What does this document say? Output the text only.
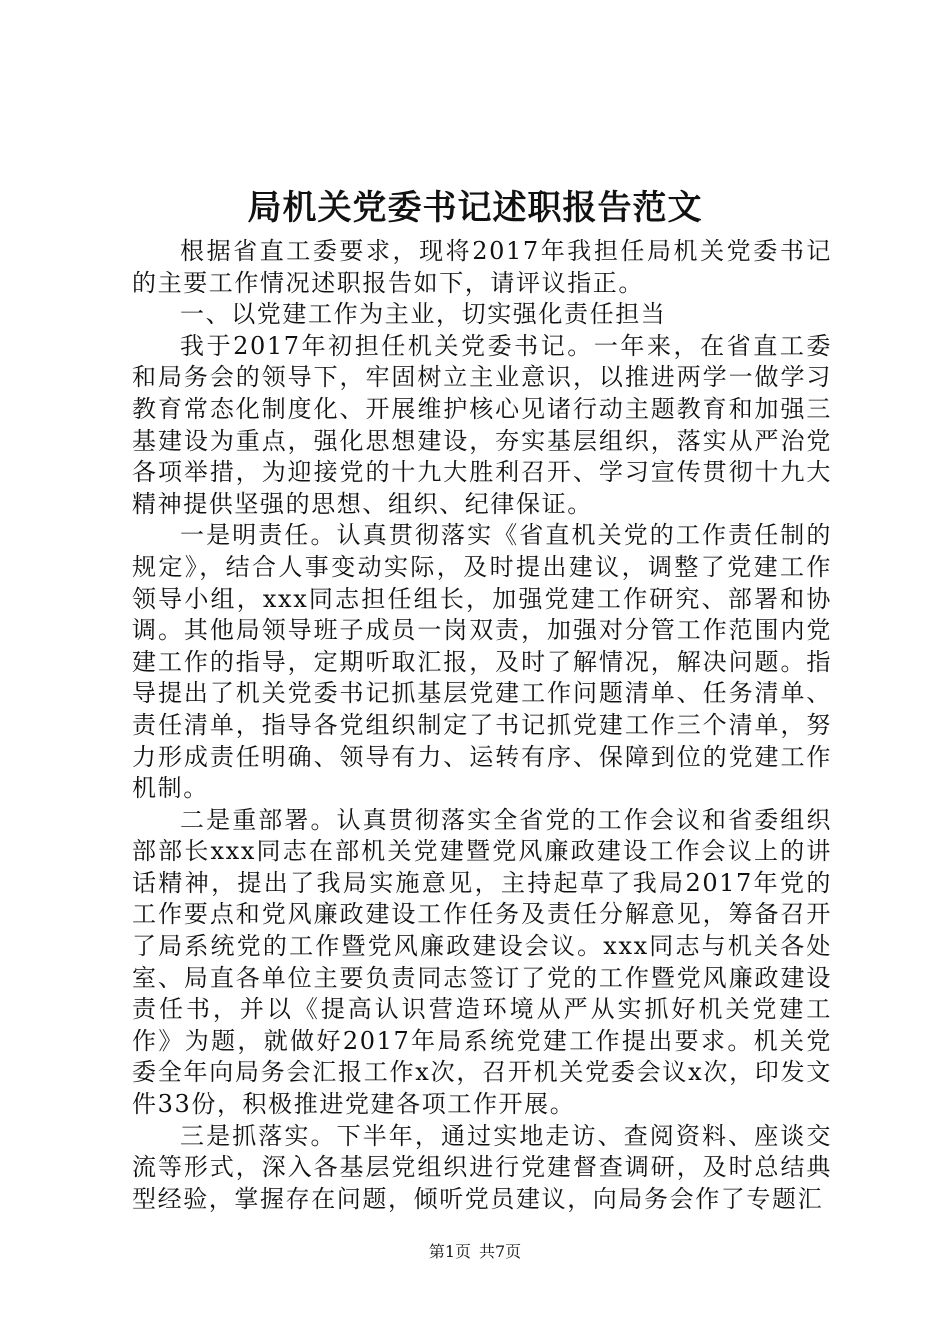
局机关党委书记述职报告范文

根据省直工委要求，现将2017年我担任局机关党委书记的主要工作情况述职报告如下，请评议指正。

一、以党建工作为主业，切实强化责任担当

我于2017年初担任机关党委书记。一年来，在省直工委和局务会的领导下，牢固树立主业意识，以推进两学一做学习教育常态化制度化、开展维护核心见诸行动主题教育和加强三基建设为重点，强化思想建设，夯实基层组织，落实从严治党各项举措，为迎接党的十九大胜利召开、学习宣传贯彻十九大精神提供坚强的思想、组织、纪律保证。

一是明责任。认真贯彻落实《省直机关党的工作责任制的规定》，结合人事变动实际，及时提出建议，调整了党建工作领导小组，xxx同志担任组长，加强党建工作研究、部署和协调。其他局领导班子成员一岗双责，加强对分管工作范围内党建工作的指导，定期听取汇报，及时了解情况，解决问题。指导提出了机关党委书记抓基层党建工作问题清单、任务清单、责任清单，指导各党组织制定了书记抓党建工作三个清单，努力形成责任明确、领导有力、运转有序、保障到位的党建工作机制。

二是重部署。认真贯彻落实全省党的工作会议和省委组织部部长xxx同志在部机关党建暨党风廉政建设工作会议上的讲话精神，提出了我局实施意见，主持起草了我局2017年党的工作要点和党风廉政建设工作任务及责任分解意见，筹备召开了局系统党的工作暨党风廉政建设会议。xxx同志与机关各处室、局直各单位主要负责同志签订了党的工作暨党风廉政建设责任书，并以《提高认识营造环境从严从实抓好机关党建工作》为题，就做好2017年局系统党建工作提出要求。机关党委全年向局务会汇报工作x次，召开机关党委会议x次，印发文件33份，积极推进党建各项工作开展。

三是抓落实。下半年，通过实地走访、查阅资料、座谈交流等形式，深入各基层党组织进行党建督查调研，及时总结典型经验，掌握存在问题，倾听党员建议，向局务会作了专题汇

第1页 共7页
